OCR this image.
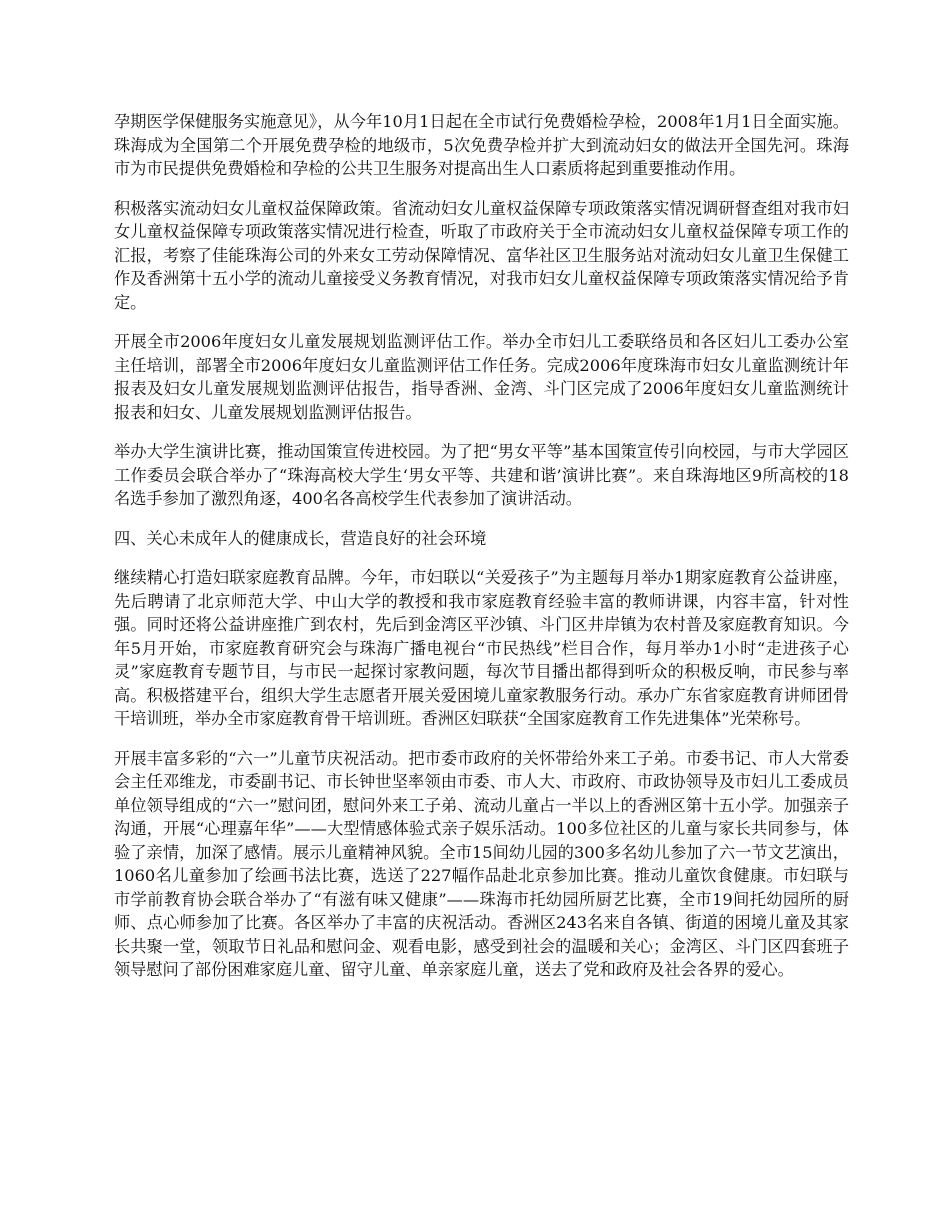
孕期医学保健服务实施意见》，从今年10月1日起在全市试行免费婚检孕检，2008年1月1日全面实施。珠海成为全国第二个开展免费孕检的地级市，5次免费孕检并扩大到流动妇女的做法开全国先河。珠海市为市民提供免费婚检和孕检的公共卫生服务对提高出生人口素质将起到重要推动作用。

积极落实流动妇女儿童权益保障政策。省流动妇女儿童权益保障专项政策落实情况调研督查组对我市妇女儿童权益保障专项政策落实情况进行检查，听取了市政府关于全市流动妇女儿童权益保障专项工作的汇报，考察了佳能珠海公司的外来女工劳动保障情况、富华社区卫生服务站对流动妇女儿童卫生保健工作及香洲第十五小学的流动儿童接受义务教育情况，对我市妇女儿童权益保障专项政策落实情况给予肯定。

开展全市2006年度妇女儿童发展规划监测评估工作。举办全市妇儿工委联络员和各区妇儿工委办公室主任培训，部署全市2006年度妇女儿童监测评估工作任务。完成2006年度珠海市妇女儿童监测统计年报表及妇女儿童发展规划监测评估报告，指导香洲、金湾、斗门区完成了2006年度妇女儿童监测统计报表和妇女、儿童发展规划监测评估报告。

举办大学生演讲比赛，推动国策宣传进校园。为了把“男女平等”基本国策宣传引向校园，与市大学园区工作委员会联合举办了“珠海高校大学生‘男女平等、共建和谐’演讲比赛”。来自珠海地区9所高校的18名选手参加了激烈角逐，400名各高校学生代表参加了演讲活动。

四、关心未成年人的健康成长，营造良好的社会环境

继续精心打造妇联家庭教育品牌。今年，市妇联以“关爱孩子”为主题每月举办1期家庭教育公益讲座，先后聘请了北京师范大学、中山大学的教授和我市家庭教育经验丰富的教师讲课，内容丰富，针对性强。同时还将公益讲座推广到农村，先后到金湾区平沙镇、斗门区井岸镇为农村普及家庭教育知识。今年5月开始，市家庭教育研究会与珠海广播电视台“市民热线”栏目合作，每月举办1小时“走进孩子心灵”家庭教育专题节目，与市民一起探讨家教问题，每次节目播出都得到听众的积极反响，市民参与率高。积极搭建平台，组织大学生志愿者开展关爱困境儿童家教服务行动。承办广东省家庭教育讲师团骨干培训班，举办全市家庭教育骨干培训班。香洲区妇联获“全国家庭教育工作先进集体”光荣称号。

开展丰富多彩的“六一”儿童节庆祝活动。把市委市政府的关怀带给外来工子弟。市委书记、市人大常委会主任邓维龙，市委副书记、市长钟世坚率领由市委、市人大、市政府、市政协领导及市妇儿工委成员单位领导组成的“六一”慰问团，慰问外来工子弟、流动儿童占一半以上的香洲区第十五小学。加强亲子沟通，开展“心理嘉年华”——大型情感体验式亲子娱乐活动。100多位社区的儿童与家长共同参与，体验了亲情，加深了感情。展示儿童精神风貌。全市15间幼儿园的300多名幼儿参加了六一节文艺演出，1060名儿童参加了绘画书法比赛，选送了227幅作品赴北京参加比赛。推动儿童饮食健康。市妇联与市学前教育协会联合举办了“有滋有味又健康”——珠海市托幼园所厨艺比赛，全市19间托幼园所的厨师、点心师参加了比赛。各区举办了丰富的庆祝活动。香洲区243名来自各镇、街道的困境儿童及其家长共聚一堂，领取节日礼品和慰问金、观看电影，感受到社会的温暖和关心；金湾区、斗门区四套班子领导慰问了部份困难家庭儿童、留守儿童、单亲家庭儿童，送去了党和政府及社会各界的爱心。
